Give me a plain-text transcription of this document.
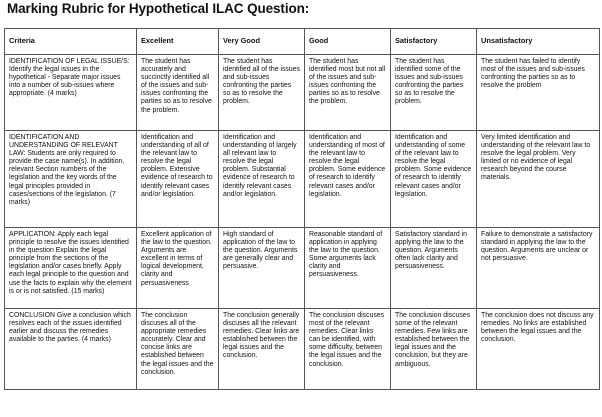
Marking Rubric for Hypothetical ILAC Question:
Criteria	Excellent	Very Good	Good	Satisfactory	Unsatisfactory
IDENTIFICATION OF LEGAL ISSUE/S: Identify the legal issues in the hypothetical - Separate major issues into a number of sub-issues where appropriate. (4 marks)	The student has accurately and succinctly identified all of the issues and sub-issues confronting the parties so as to resolve the problem.	The student has identified all of the issues and sub-issues confronting the parties so as to resolve the problem.	The student has identified most but not all of the issues and sub-issues confronting the parties so as to resolve the problem.	The student has identified some of the issues and sub-issues confronting the parties so as to resolve the problem.	The student has failed to identify most of the issues and sub-issues confronting the parties so as to resolve the problem
IDENTIFICATION AND UNDERSTANDING OF RELEVANT LAW: Students are only required to provide the case name(s). In addition, relevant Section numbers of the legislation and the key words of the legal principles provided in cases/sections of the legislation. (7 marks)	Identification and understanding of all of the relevant law to resolve the legal problem. Extensive evidence of research to identify relevant cases and/or legislation.	Identification and understanding of largely all relevant law to resolve the legal problem. Substantial evidence of research to identify relevant cases and/or legislation.	Identification and understanding of most of the relevant law to resolve the legal problem. Some evidence of research to identify relevant cases and/or legislation.	Identification and understanding of some of the relevant law to resolve the legal problem. Some evidence of research to identify relevant cases and/or legislation.	Very limited identification and understanding of the relevant law to resolve the legal problem. Very limited or no evidence of legal research beyond the course materials.
APPLICATION: Apply each legal principle to resolve the issues identified in the question Explain the legal principle from the sections of the legislation and/or cases briefly. Apply each legal principle to the question and use the facts to explain why the element is or is not satisfied. (15 marks)	Excellent application of the law to the question. Arguments are excellent in terms of logical development, clarity and persuasiveness	High standard of application of the law to the question. Arguments are generally clear and persuasive.	Reasonable standard of application in applying the law to the question. Some arguments lack clarity and persuasiveness.	Satisfactory standard in applying the law to the question. Arguments often lack clarity and persuasiveness.	Failure to demonstrate a satisfactory standard in applying the law to the question. Arguments are unclear or not persuasive.
CONCLUSION Give a conclusion which resolves each of the issues identified earlier and discuss the remedies available to the parties. (4 marks)	The conclusion discuses all of the appropriate remedies accurately. Clear and concise links are established between the legal issues and the conclusion.	The conclusion generally discuses all the relevant remedies. Clear links are established between the legal issues and the conclusion.	The conclusion discuses most of the relevant remedies. Clear links can be identified, with some difficulty, between the legal issues and the conclusion.	The conclusion discuses some of the relevant remedies. Few links are established between the legal issues and the conclusion, but they are ambiguous.	The conclusion does not discuss any remedies. No links are established between the legal issues and the conclusion.
